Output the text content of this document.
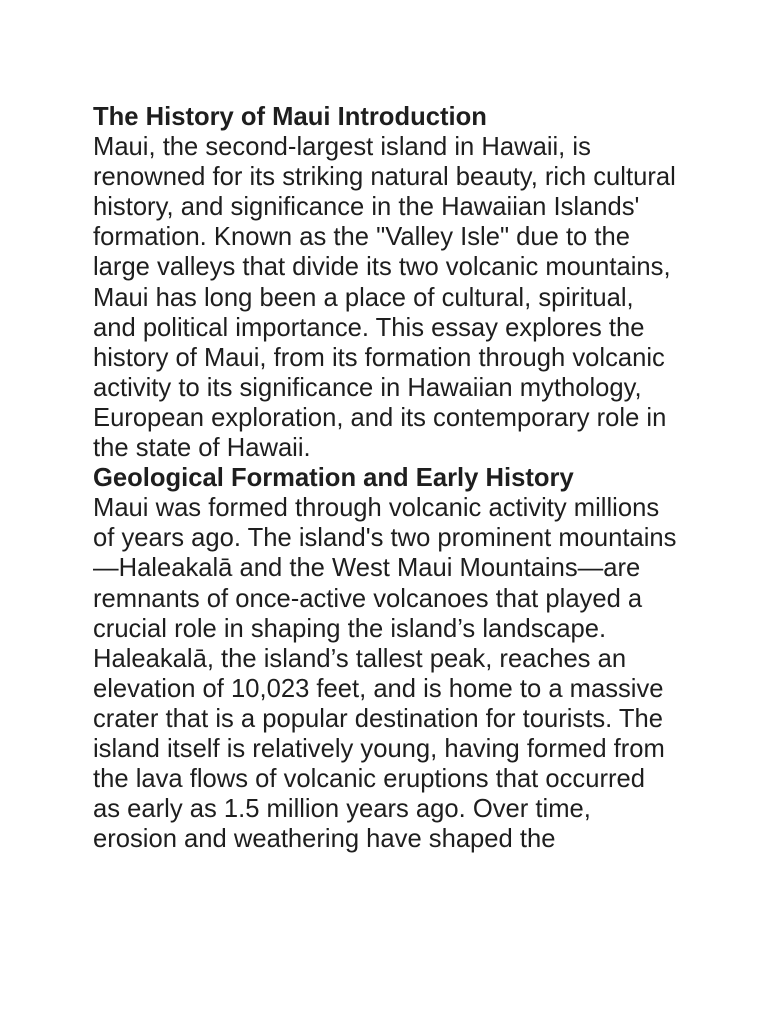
The History of Maui Introduction

Maui, the second-largest island in Hawaii, is renowned for its striking natural beauty, rich cultural history, and significance in the Hawaiian Islands' formation. Known as the "Valley Isle" due to the large valleys that divide its two volcanic mountains, Maui has long been a place of cultural, spiritual, and political importance. This essay explores the history of Maui, from its formation through volcanic activity to its significance in Hawaiian mythology, European exploration, and its contemporary role in the state of Hawaii.

Geological Formation and Early History

Maui was formed through volcanic activity millions of years ago. The island's two prominent mountains—Haleakalā and the West Maui Mountains—are remnants of once-active volcanoes that played a crucial role in shaping the island’s landscape. Haleakalā, the island’s tallest peak, reaches an elevation of 10,023 feet, and is home to a massive crater that is a popular destination for tourists. The island itself is relatively young, having formed from the lava flows of volcanic eruptions that occurred as early as 1.5 million years ago. Over time, erosion and weathering have shaped the
